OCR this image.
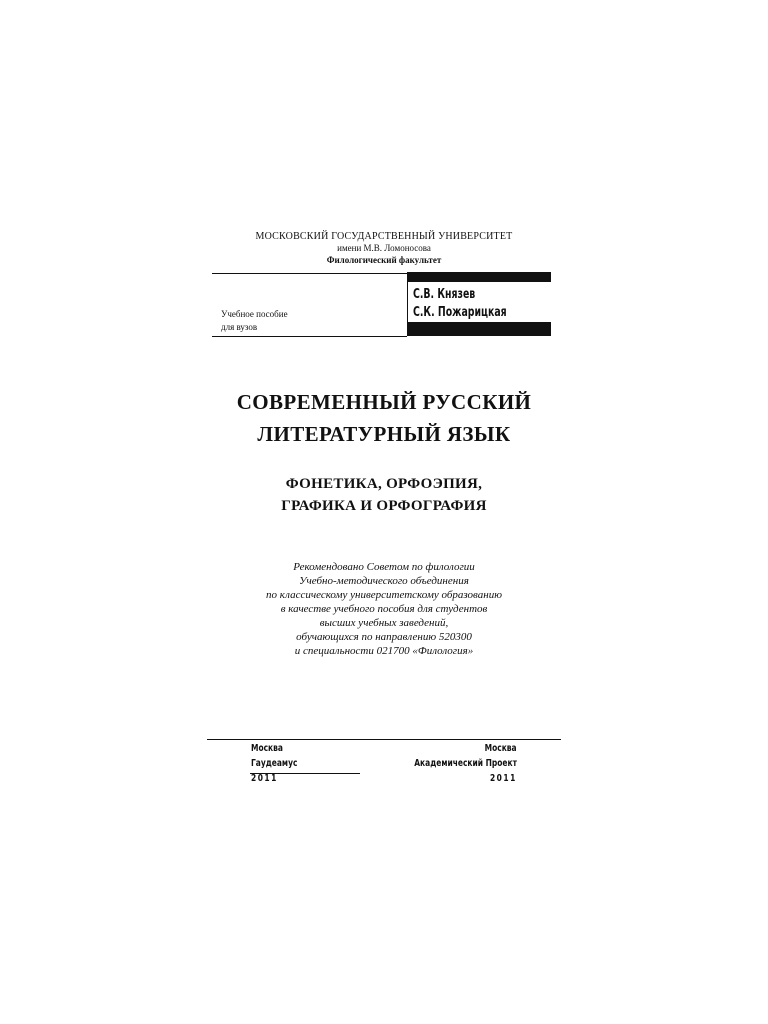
МОСКОВСКИЙ ГОСУДАРСТВЕННЫЙ УНИВЕРСИТЕТ
имени М.В. Ломоносова
Филологический факультет
С.В. Князев
С.К. Пожарицкая
Учебное пособие
для вузов
СОВРЕМЕННЫЙ РУССКИЙ
ЛИТЕРАТУРНЫЙ ЯЗЫК
ФОНЕТИКА, ОРФОЭПИЯ,
ГРАФИКА И ОРФОГРАФИЯ
Рекомендовано Советом по филологии
Учебно-методического объединения
по классическому университетскому образованию
в качестве учебного пособия для студентов
высших учебных заведений,
обучающихся по направлению 520300
и специальности 021700 «Филология»
Москва
Гаудеамус
2011
Москва
Академический Проект
2011
